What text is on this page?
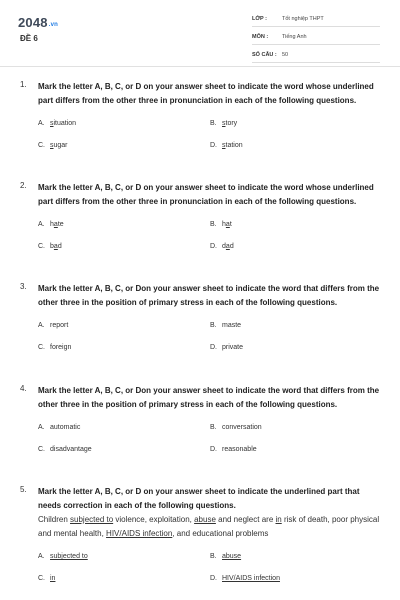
2048.vn
ĐỀ 6
LỚP :	Tốt nghiệp THPT
MÔN :	Tiếng Anh
SỐ CÂU : 50
1. Mark the letter A, B, C, or D on your answer sheet to indicate the word whose underlined part differs from the other three in pronunciation in each of the following questions.
A. situation	B. story
C. sugar	D. station
2. Mark the letter A, B, C, or D on your answer sheet to indicate the word whose underlined part differs from the other three in pronunciation in each of the following questions.
A. hate	B. hat
C. bad	D. dad
3. Mark the letter A, B, C, or Don your answer sheet to indicate the word that differs from the other three in the position of primary stress in each of the following questions.
A. report	B. maste
C. foreign	D. private
4. Mark the letter A, B, C, or Don your answer sheet to indicate the word that differs from the other three in the position of primary stress in each of the following questions.
A. automatic	B. conversation
C. disadvantage	D. reasonable
5. Mark the letter A, B, C, or D on your answer sheet to indicate the underlined part that needs correction in each of the following questions.
Children subjected to violence, exploitation, abuse and neglect are in risk of death, poor physical and mental health, HIV/AIDS infection, and educational problems
A. subjected to	B. abuse
C. in	D. HIV/AIDS infection
